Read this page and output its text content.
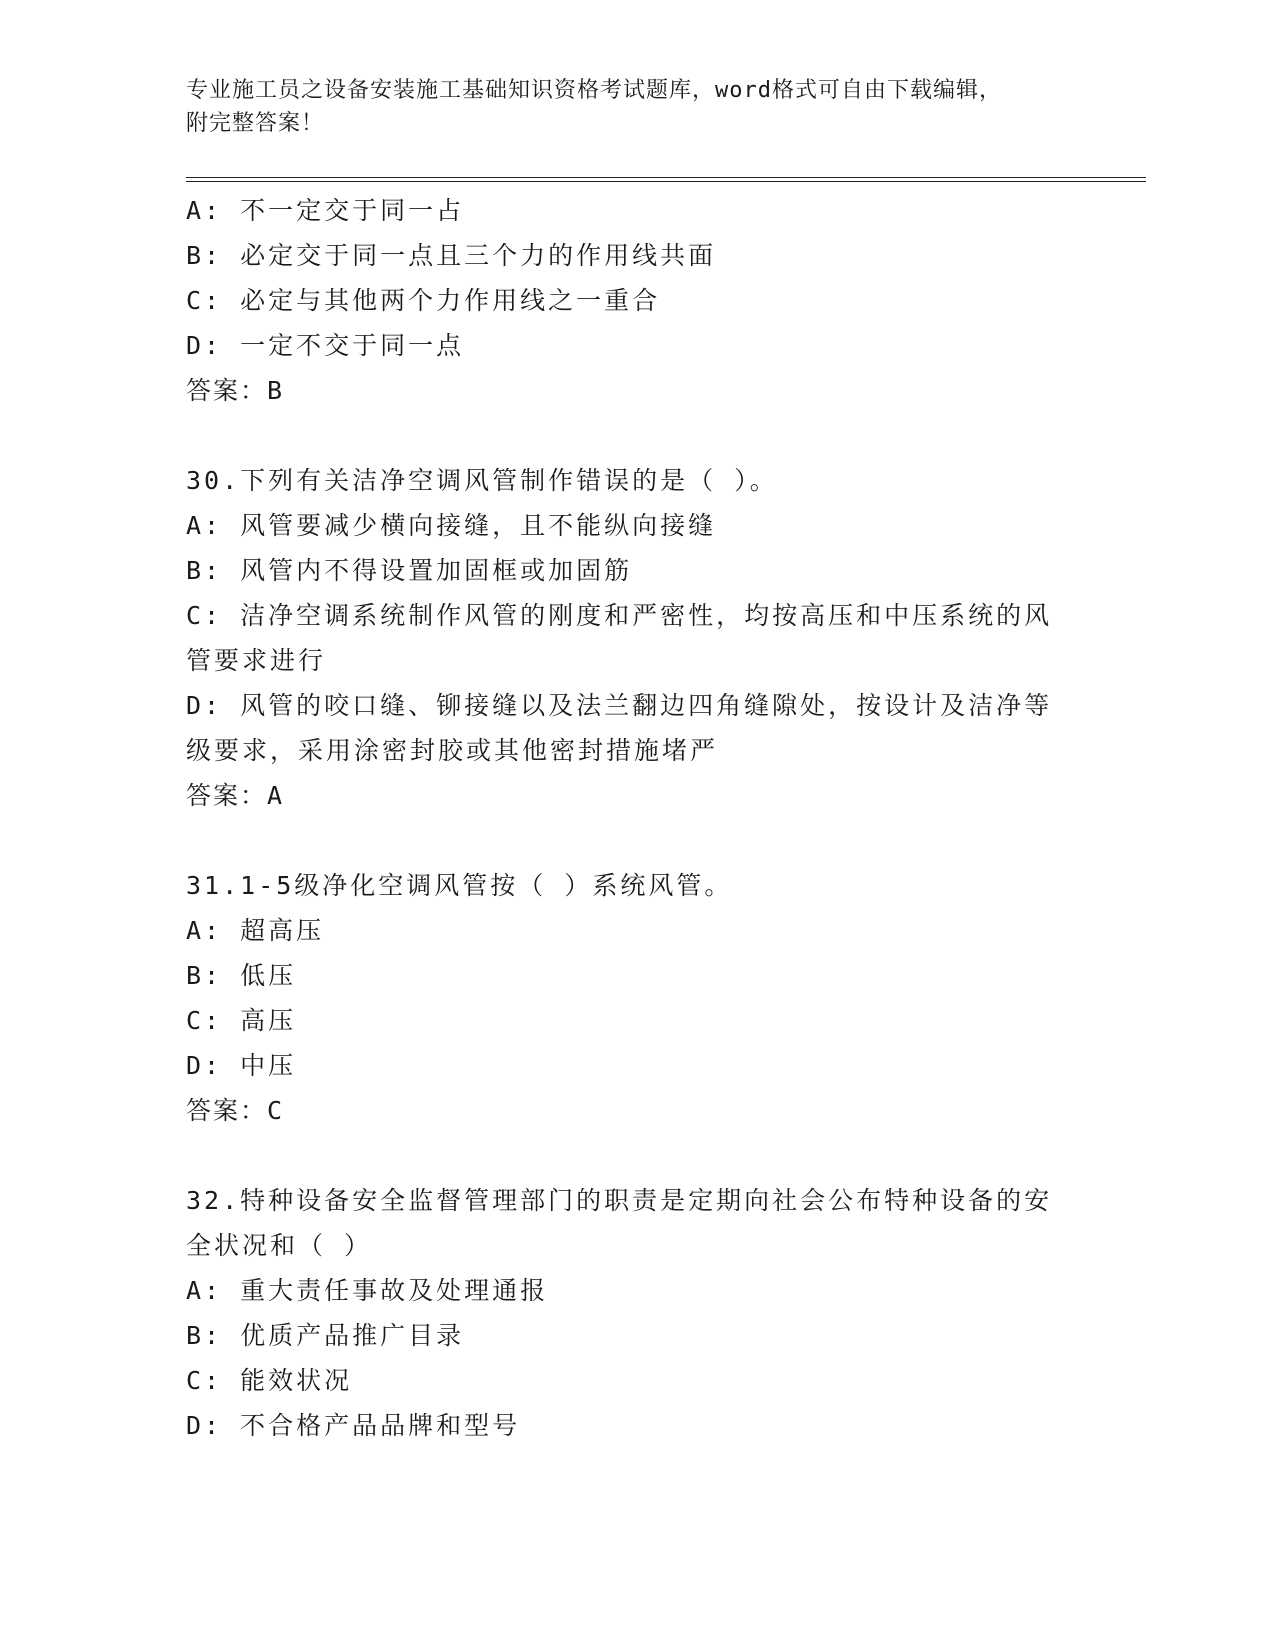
专业施工员之设备安装施工基础知识资格考试题库，word格式可自由下载编辑，
附完整答案！
A: 不一定交于同一占
B: 必定交于同一点且三个力的作用线共面
C: 必定与其他两个力作用线之一重合
D: 一定不交于同一点
答案：B
30.下列有关洁净空调风管制作错误的是（ ）。
A: 风管要减少横向接缝，且不能纵向接缝
B: 风管内不得设置加固框或加固筋
C: 洁净空调系统制作风管的刚度和严密性，均按高压和中压系统的风
管要求进行
D: 风管的咬口缝、铆接缝以及法兰翻边四角缝隙处，按设计及洁净等
级要求，采用涂密封胶或其他密封措施堵严
答案：A
31.1-5级净化空调风管按（ ）系统风管。
A: 超高压
B: 低压
C: 高压
D: 中压
答案：C
32.特种设备安全监督管理部门的职责是定期向社会公布特种设备的安
全状况和（ ）
A: 重大责任事故及处理通报
B: 优质产品推广目录
C: 能效状况
D: 不合格产品品牌和型号
